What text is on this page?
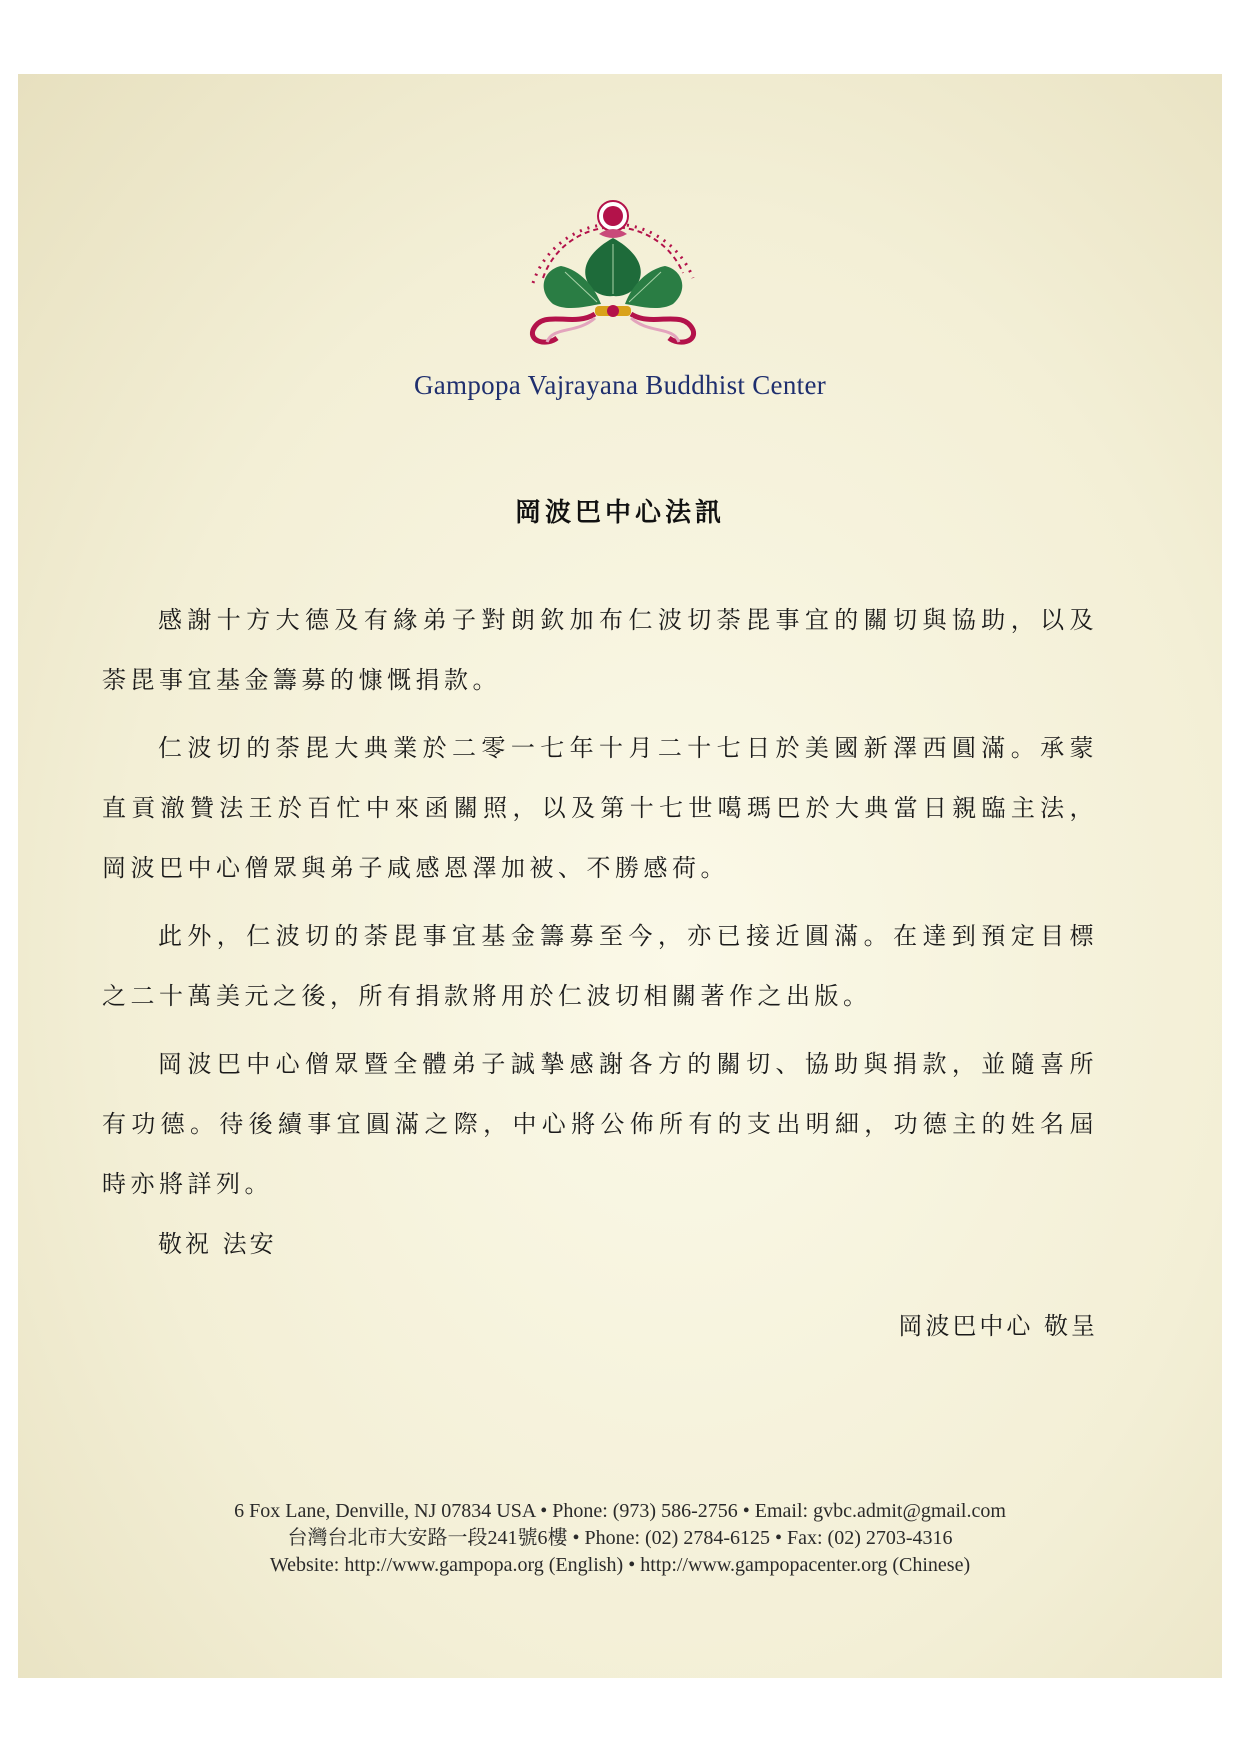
Gampopa Vajrayana Buddhist Center
岡波巴中心法訊

感謝十方大德及有緣弟子對朗欽加布仁波切荼毘事宜的關切與協助，以及荼毘事宜基金籌募的慷慨捐款。

仁波切的荼毘大典業於二零一七年十月二十七日於美國新澤西圓滿。承蒙直貢澈贊法王於百忙中來函關照，以及第十七世噶瑪巴於大典當日親臨主法，岡波巴中心僧眾與弟子咸感恩澤加被、不勝感荷。

此外，仁波切的荼毘事宜基金籌募至今，亦已接近圓滿。在達到預定目標之二十萬美元之後，所有捐款將用於仁波切相關著作之出版。

岡波巴中心僧眾暨全體弟子誠摯感謝各方的關切、協助與捐款，並隨喜所有功德。待後續事宜圓滿之際，中心將公佈所有的支出明細，功德主的姓名屆時亦將詳列。

敬祝 法安
岡波巴中心 敬呈
6 Fox Lane, Denville, NJ 07834 USA • Phone: (973) 586-2756 • Email: gvbc.admit@gmail.com
台灣台北市大安路一段241號6樓 • Phone: (02) 2784-6125 • Fax: (02) 2703-4316
Website: http://www.gampopa.org (English) • http://www.gampopacenter.org (Chinese)
